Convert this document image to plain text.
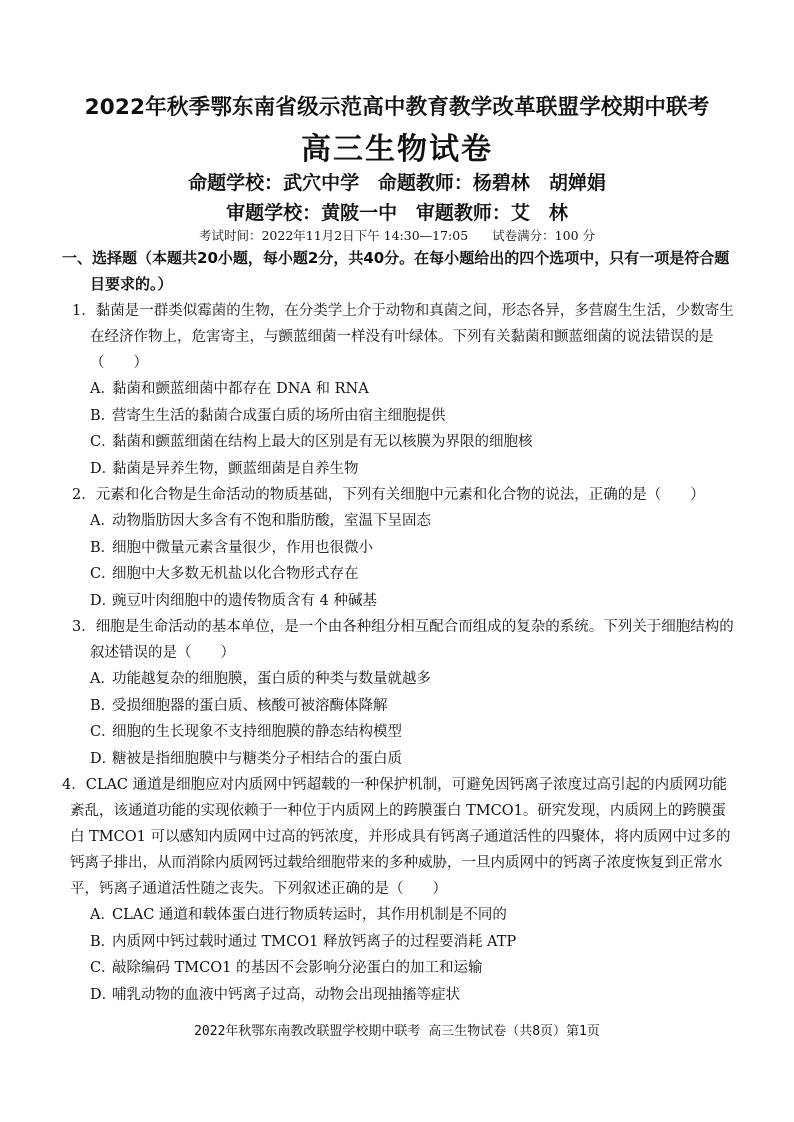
2022年秋季鄂东南省级示范高中教育教学改革联盟学校期中联考
高三生物试卷
命题学校：武穴中学 命题教师：杨碧林　胡婵娟
审题学校：黄陂一中 审题教师：艾　林
考试时间：2022年11月2日下午 14:30—17:05 试卷满分：100 分
一、选择题（本题共20小题，每小题2分，共40分。在每小题给出的四个选项中，只有一项是符合题目要求的。）

1．黏菌是一群类似霉菌的生物，在分类学上介于动物和真菌之间，形态各异，多营腐生生活，少数寄生在经济作物上，危害寄主，与颤蓝细菌一样没有叶绿体。下列有关黏菌和颤蓝细菌的说法错误的是（　　）

A．黏菌和颤蓝细菌中都存在 DNA 和 RNA

B．营寄生生活的黏菌合成蛋白质的场所由宿主细胞提供

C．黏菌和颤蓝细菌在结构上最大的区别是有无以核膜为界限的细胞核

D．黏菌是异养生物，颤蓝细菌是自养生物

2．元素和化合物是生命活动的物质基础，下列有关细胞中元素和化合物的说法，正确的是（　　）

A．动物脂肪因大多含有不饱和脂肪酸，室温下呈固态

B．细胞中微量元素含量很少，作用也很微小

C．细胞中大多数无机盐以化合物形式存在

D．豌豆叶肉细胞中的遗传物质含有 4 种碱基

3．细胞是生命活动的基本单位，是一个由各种组分相互配合而组成的复杂的系统。下列关于细胞结构的叙述错误的是（　　）

A．功能越复杂的细胞膜，蛋白质的种类与数量就越多

B．受损细胞器的蛋白质、核酸可被溶酶体降解

C．细胞的生长现象不支持细胞膜的静态结构模型

D．糖被是指细胞膜中与糖类分子相结合的蛋白质

4．CLAC 通道是细胞应对内质网中钙超载的一种保护机制，可避免因钙离子浓度过高引起的内质网功能紊乱，该通道功能的实现依赖于一种位于内质网上的跨膜蛋白 TMCO1。研究发现，内质网上的跨膜蛋白 TMCO1 可以感知内质网中过高的钙浓度，并形成具有钙离子通道活性的四聚体，将内质网中过多的钙离子排出，从而消除内质网钙过载给细胞带来的多种威胁，一旦内质网中的钙离子浓度恢复到正常水平，钙离子通道活性随之丧失。下列叙述正确的是（　　）

A．CLAC 通道和载体蛋白进行物质转运时，其作用机制是不同的

B．内质网中钙过载时通过 TMCO1 释放钙离子的过程要消耗 ATP

C．敲除编码 TMCO1 的基因不会影响分泌蛋白的加工和运输

D．哺乳动物的血液中钙离子过高，动物会出现抽搐等症状

2022年秋鄂东南教改联盟学校期中联考 高三生物试卷（共8页）第1页
